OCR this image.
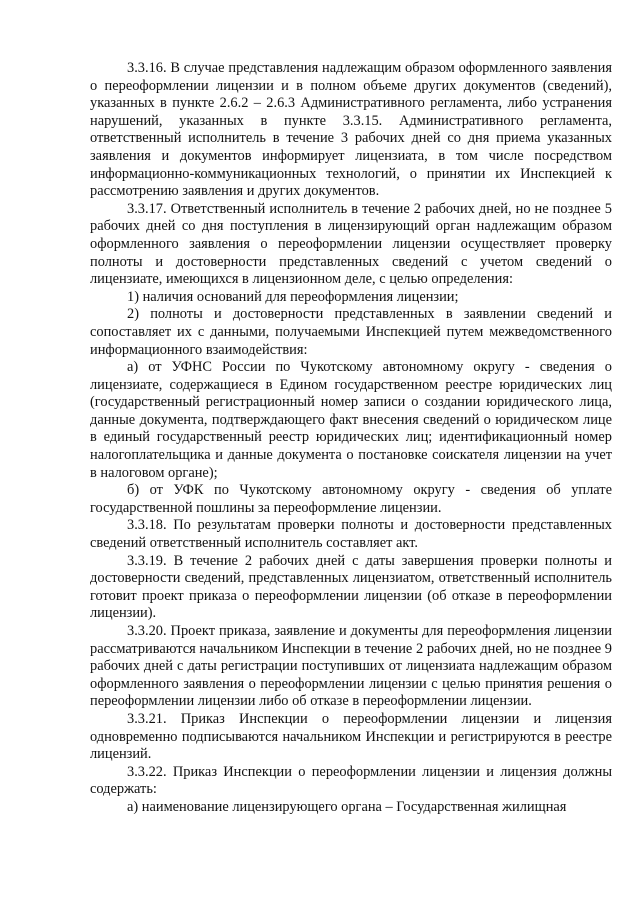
3.3.16. В случае представления надлежащим образом оформленного заявления о переоформлении лицензии и в полном объеме других документов (сведений), указанных в пункте 2.6.2 – 2.6.3 Административного регламента, либо устранения нарушений, указанных в пункте 3.3.15. Административного регламента, ответственный исполнитель в течение 3 рабочих дней со дня приема указанных заявления и документов информирует лицензиата, в том числе посредством информационно-коммуникационных технологий, о принятии их Инспекцией к рассмотрению заявления и других документов.

3.3.17. Ответственный исполнитель в течение 2 рабочих дней, но не позднее 5 рабочих дней со дня поступления в лицензирующий орган надлежащим образом оформленного заявления о переоформлении лицензии осуществляет проверку полноты и достоверности представленных сведений с учетом сведений о лицензиате, имеющихся в лицензионном деле, с целью определения:

1) наличия оснований для переоформления лицензии;

2) полноты и достоверности представленных в заявлении сведений и сопоставляет их с данными, получаемыми Инспекцией путем межведомственного информационного взаимодействия:

а) от УФНС России по Чукотскому автономному округу - сведения о лицензиате, содержащиеся в Едином государственном реестре юридических лиц (государственный регистрационный номер записи о создании юридического лица, данные документа, подтверждающего факт внесения сведений о юридическом лице в единый государственный реестр юридических лиц; идентификационный номер налогоплательщика и данные документа о постановке соискателя лицензии на учет в налоговом органе);

б) от УФК по Чукотскому автономному округу - сведения об уплате государственной пошлины за переоформление лицензии.

3.3.18. По результатам проверки полноты и достоверности представленных сведений ответственный исполнитель составляет акт.

3.3.19. В течение 2 рабочих дней с даты завершения проверки полноты и достоверности сведений, представленных лицензиатом, ответственный исполнитель готовит проект приказа о переоформлении лицензии (об отказе в переоформлении лицензии).

3.3.20. Проект приказа, заявление и документы для переоформления лицензии рассматриваются начальником Инспекции в течение 2 рабочих дней, но не позднее 9 рабочих дней с даты регистрации поступивших от лицензиата надлежащим образом оформленного заявления о переоформлении лицензии с целью принятия решения о переоформлении лицензии либо об отказе в переоформлении лицензии.

3.3.21. Приказ Инспекции о переоформлении лицензии и лицензия одновременно подписываются начальником Инспекции и регистрируются в реестре лицензий.

3.3.22. Приказ Инспекции о переоформлении лицензии и лицензия должны содержать:

а) наименование лицензирующего органа – Государственная жилищная
